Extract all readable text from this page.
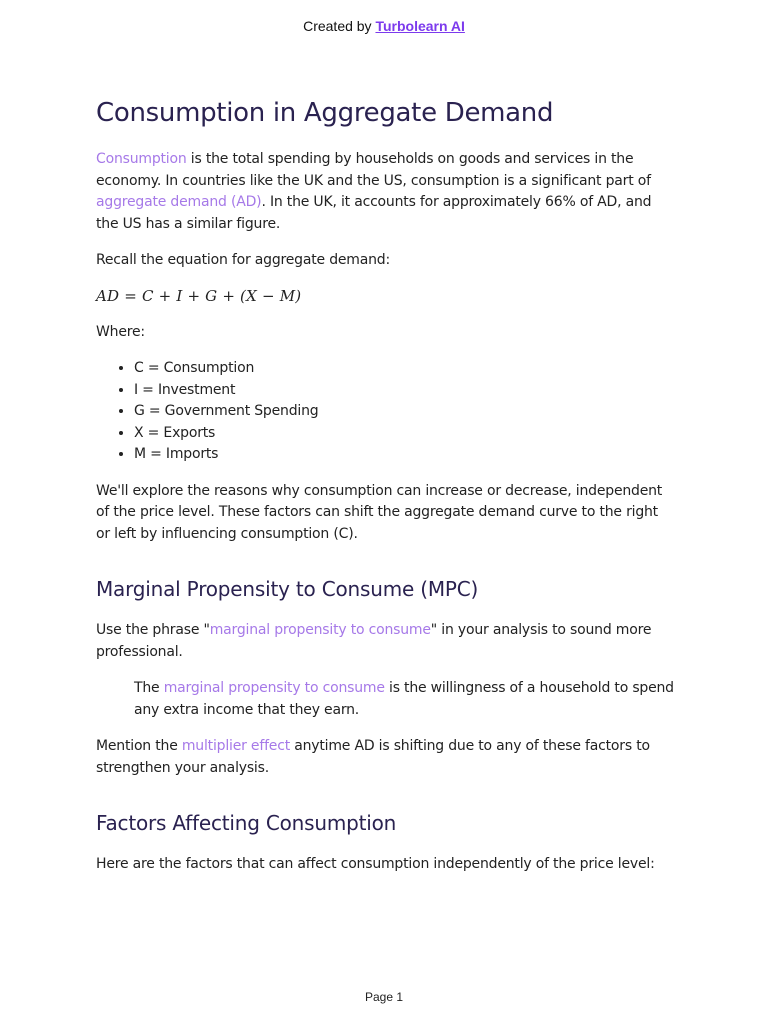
Created by Turbolearn AI
Consumption in Aggregate Demand

Consumption is the total spending by households on goods and services in the economy. In countries like the UK and the US, consumption is a significant part of aggregate demand (AD). In the UK, it accounts for approximately 66% of AD, and the US has a similar figure.

Recall the equation for aggregate demand:

AD = C + I + G + (X − M)

Where:

• C = Consumption
• I = Investment
• G = Government Spending
• X = Exports
• M = Imports

We'll explore the reasons why consumption can increase or decrease, independent of the price level. These factors can shift the aggregate demand curve to the right or left by influencing consumption (C).

Marginal Propensity to Consume (MPC)

Use the phrase "marginal propensity to consume" in your analysis to sound more professional.

The marginal propensity to consume is the willingness of a household to spend any extra income that they earn.

Mention the multiplier effect anytime AD is shifting due to any of these factors to strengthen your analysis.

Factors Affecting Consumption

Here are the factors that can affect consumption independently of the price level:

Page 1
